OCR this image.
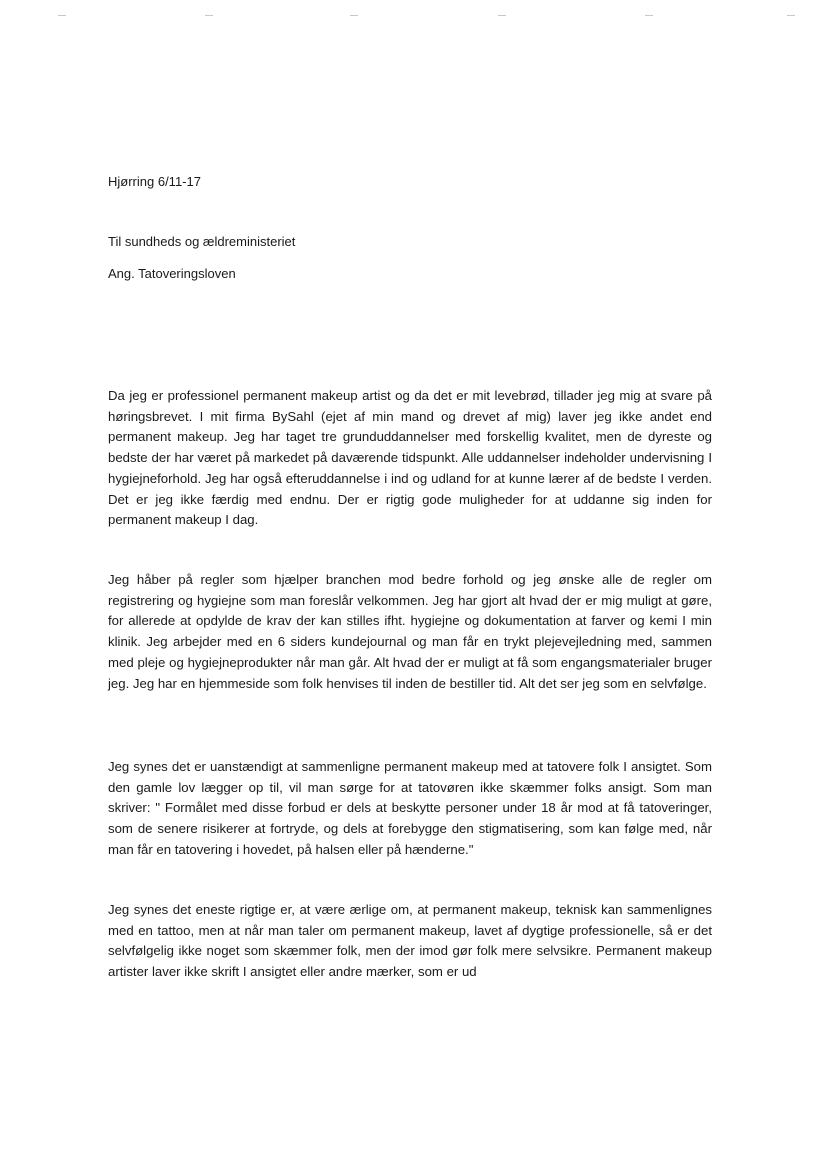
Hjørring 6/11-17
Til sundheds og ældreministeriet
Ang. Tatoveringsloven
Da jeg er professionel permanent makeup artist og da det er mit levebrød, tillader jeg mig at svare på høringsbrevet. I mit firma BySahl (ejet af min mand og drevet af mig) laver jeg ikke andet end permanent makeup. Jeg har taget tre grunduddannelser med forskellig kvalitet, men de dyreste og bedste der har været på markedet på daværende tidspunkt. Alle uddannelser indeholder undervisning I hygiejneforhold. Jeg har også efteruddannelse i ind og udland for at kunne lærer af de bedste I verden. Det er jeg ikke færdig med endnu. Der er rigtig gode muligheder for at uddanne sig inden for permanent makeup I dag.
Jeg håber på regler som hjælper branchen mod bedre forhold og jeg ønske alle de regler om registrering og hygiejne som man foreslår velkommen. Jeg har gjort alt hvad der er mig muligt at gøre, for allerede at opdylde de krav der kan stilles ifht. hygiejne og dokumentation at farver og kemi I min klinik. Jeg arbejder med en 6 siders kundejournal og man får en trykt plejevejledning med, sammen med pleje og hygiejneprodukter når man går. Alt hvad der er muligt at få som engangsmaterialer bruger jeg. Jeg har en hjemmeside som folk henvises til inden de bestiller tid. Alt det ser jeg som en selvfølge.
Jeg synes det er uanstændigt at sammenligne permanent makeup med at tatovere folk I ansigtet. Som den gamle lov lægger op til, vil man sørge for at tatovøren ikke skæmmer folks ansigt. Som man skriver: " Formålet med disse forbud er dels at beskytte personer under 18 år mod at få tatoveringer, som de senere risikerer at fortryde, og dels at forebygge den stigmatisering, som kan følge med, når man får en tatovering i hovedet, på halsen eller på hænderne."
Jeg synes det eneste rigtige er, at være ærlige om, at permanent makeup, teknisk kan sammenlignes med en tattoo, men at når man taler om permanent makeup, lavet af dygtige professionelle, så er det selvfølgelig ikke noget som skæmmer folk, men der imod gør folk mere selvsikre. Permanent makeup artister laver ikke skrift I ansigtet eller andre mærker, som er ud
